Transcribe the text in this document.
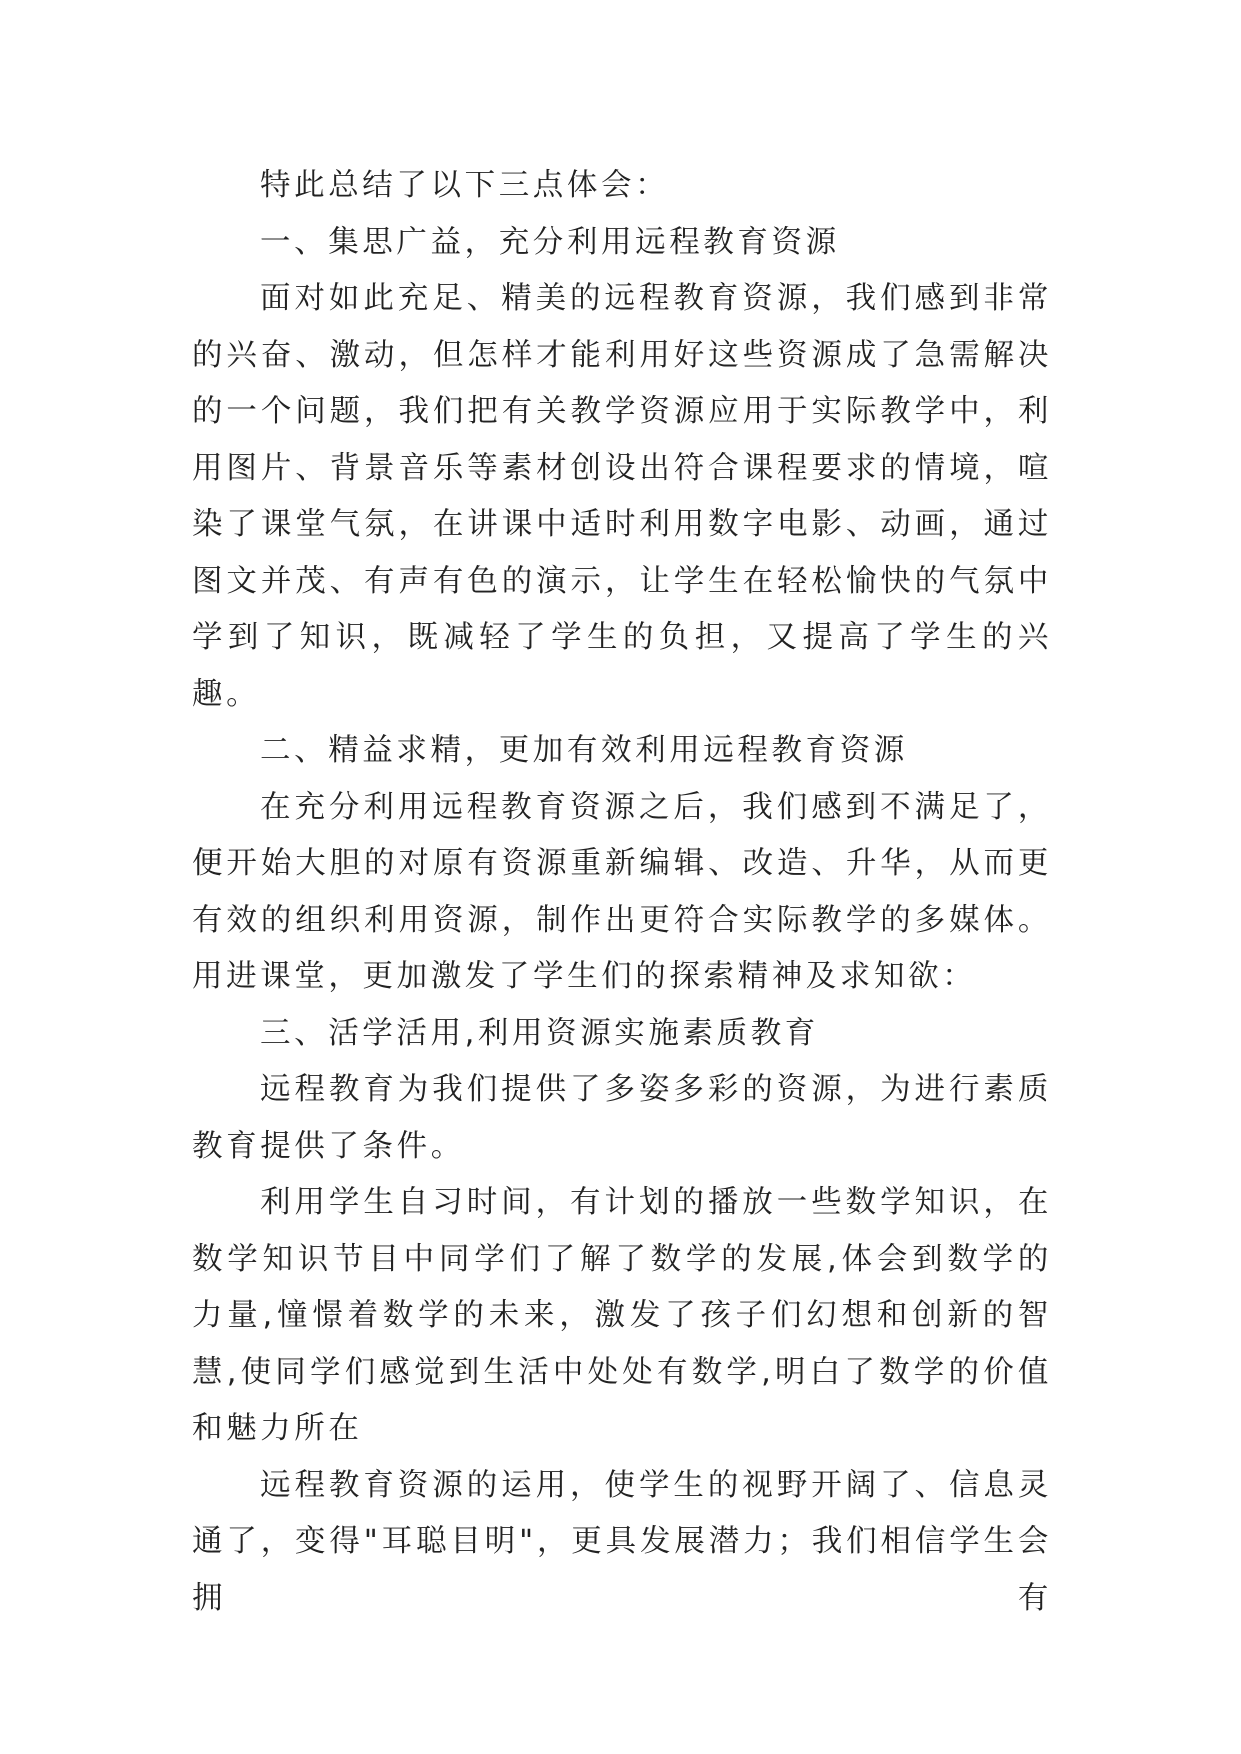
特此总结了以下三点体会：

一、集思广益，充分利用远程教育资源

面对如此充足、精美的远程教育资源，我们感到非常的兴奋、激动，但怎样才能利用好这些资源成了急需解决的一个问题，我们把有关教学资源应用于实际教学中，利用图片、背景音乐等素材创设出符合课程要求的情境，喧染了课堂气氛，在讲课中适时利用数字电影、动画，通过图文并茂、有声有色的演示，让学生在轻松愉快的气氛中学到了知识，既减轻了学生的负担，又提高了学生的兴趣。

二、精益求精，更加有效利用远程教育资源

在充分利用远程教育资源之后，我们感到不满足了，便开始大胆的对原有资源重新编辑、改造、升华，从而更有效的组织利用资源，制作出更符合实际教学的多媒体。用进课堂，更加激发了学生们的探索精神及求知欲：

三、活学活用,利用资源实施素质教育

远程教育为我们提供了多姿多彩的资源，为进行素质教育提供了条件。

利用学生自习时间，有计划的播放一些数学知识，在数学知识节目中同学们了解了数学的发展,体会到数学的力量,憧憬着数学的未来，激发了孩子们幻想和创新的智慧,使同学们感觉到生活中处处有数学,明白了数学的价值和魅力所在

远程教育资源的运用，使学生的视野开阔了、信息灵通了，变得"耳聪目明"，更具发展潜力；我们相信学生会拥有
